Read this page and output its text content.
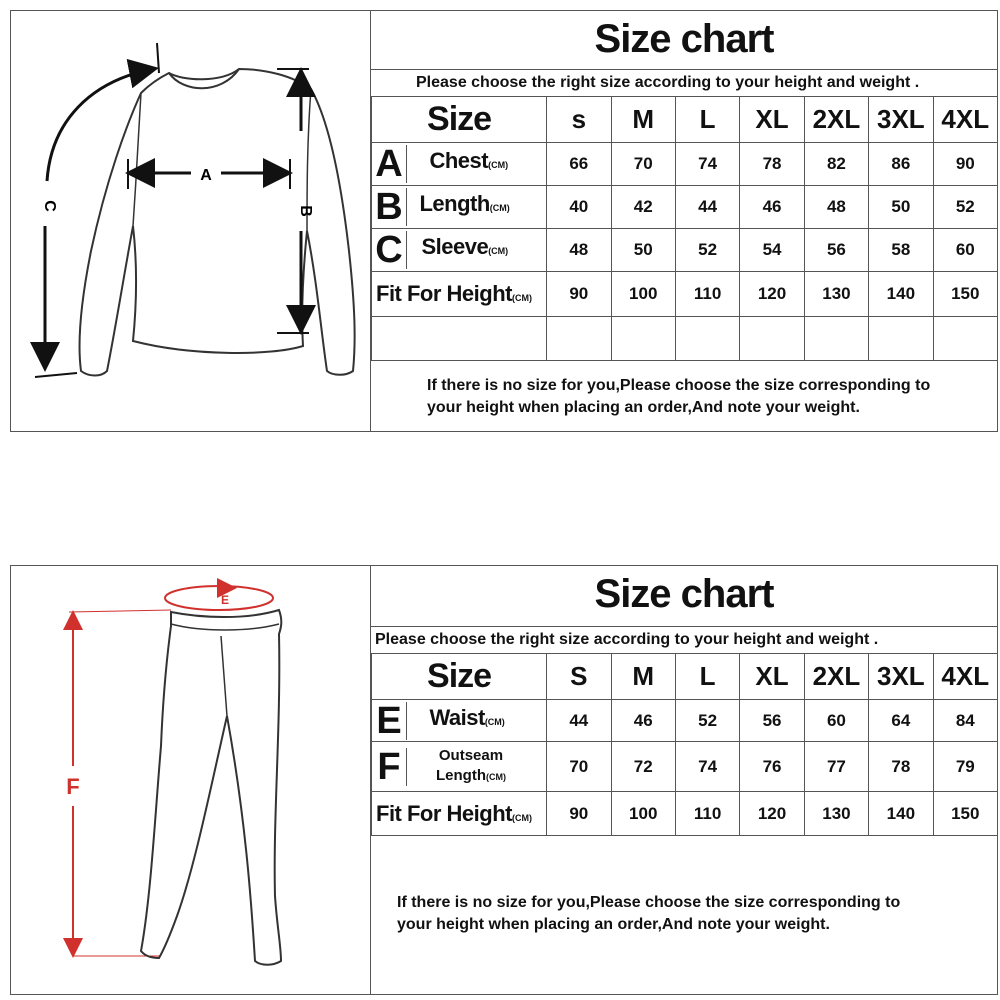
A
B
C
Size chart
Please choose the right size according to your height and weight .
Size	s	M	L	XL	2XL	3XL	4XL
A Chest(CM)	66	70	74	78	82	86	90
B Length(CM)	40	42	44	46	48	50	52
C Sleeve(CM)	48	50	52	54	56	58	60
Fit For Height(CM)	90	100	110	120	130	140	150

If there is no size for you,Please choose the size corresponding to
your height when placing an order,And note your weight.
E
F
Size chart
Please choose the right size according to your height and weight .
Size	S	M	L	XL	2XL	3XL	4XL
E Waist(CM)	44	46	52	56	60	64	84
F Outseam
Length(CM)	70	72	74	76	77	78	79
Fit For Height(CM)	90	100	110	120	130	140	150
If there is no size for you,Please choose the size corresponding to
your height when placing an order,And note your weight.
